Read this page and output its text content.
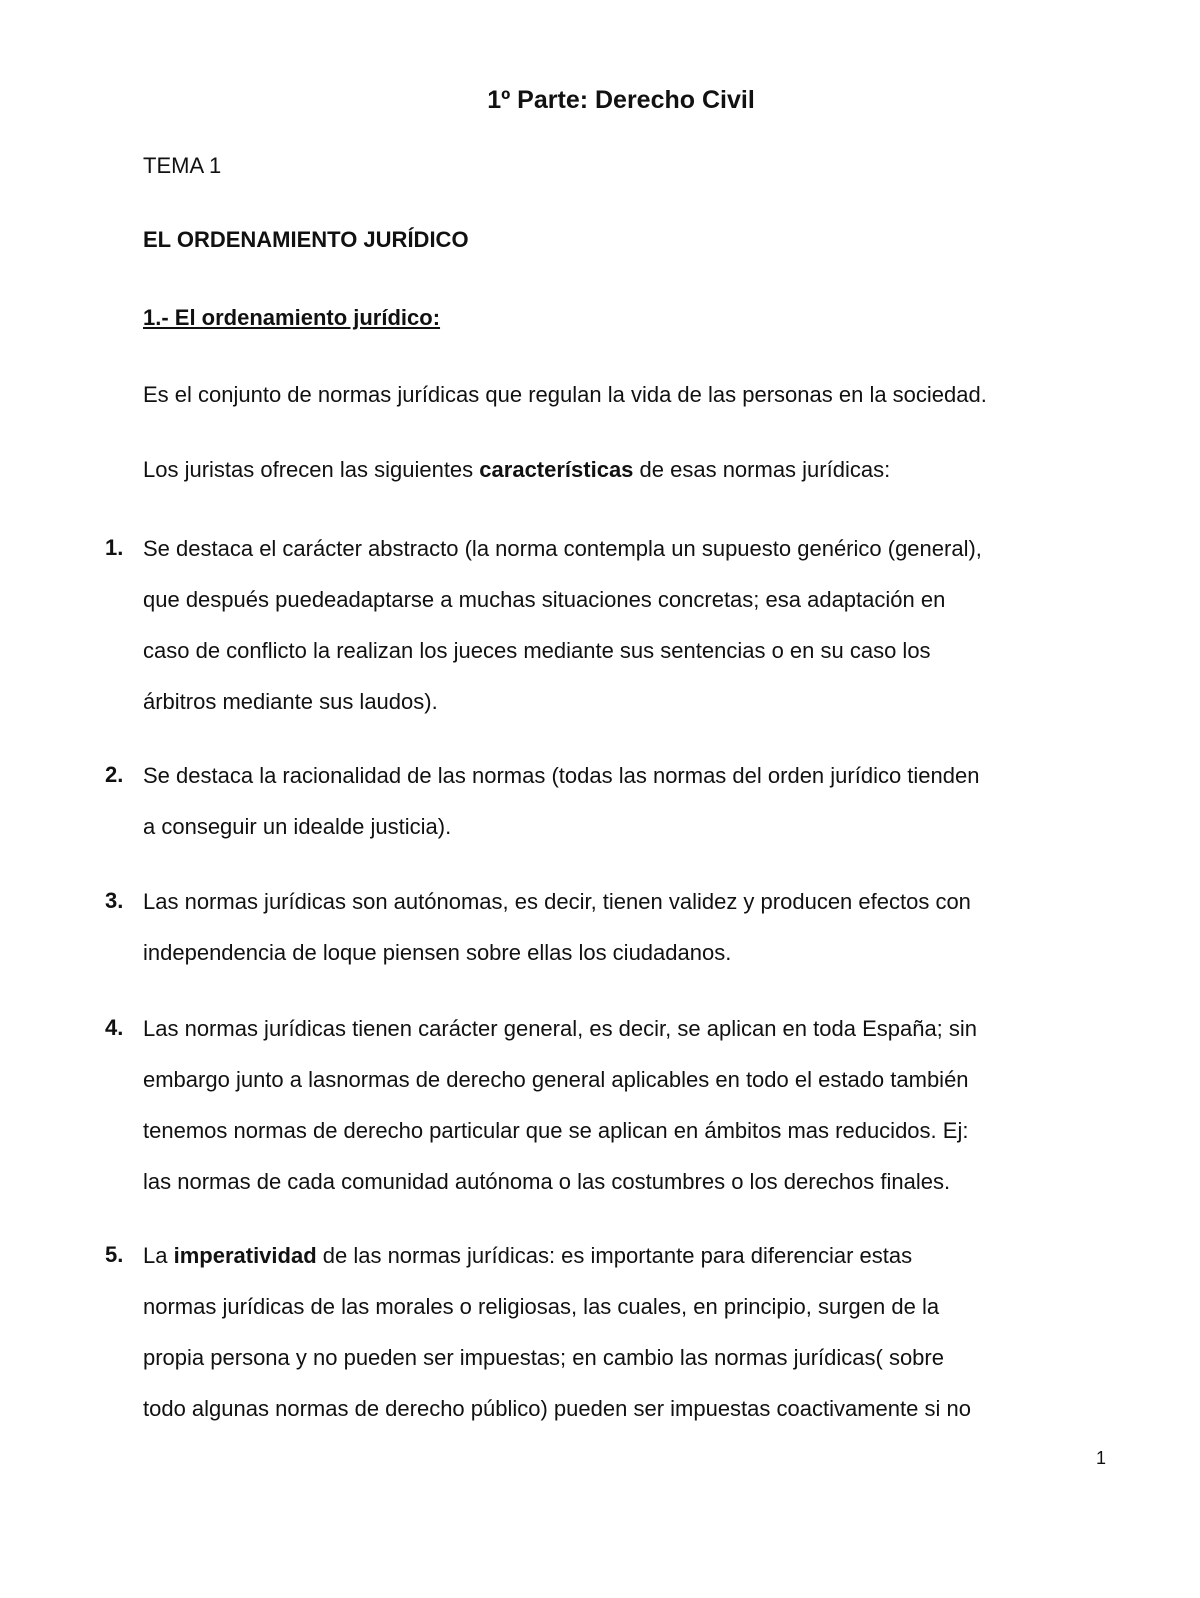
1º Parte: Derecho Civil

TEMA 1

EL ORDENAMIENTO JURÍDICO

1.- El ordenamiento jurídico:

Es el conjunto de normas jurídicas que regulan la vida de las personas en la sociedad.

Los juristas ofrecen las siguientes características de esas normas jurídicas:

1. Se destaca el carácter abstracto (la norma contempla un supuesto genérico (general),
que después puedeadaptarse a muchas situaciones concretas; esa adaptación en
caso de conflicto la realizan los jueces mediante sus sentencias o en su caso los
árbitros mediante sus laudos).

2. Se destaca la racionalidad de las normas (todas las normas del orden jurídico tienden
a conseguir un idealde justicia).

3. Las normas jurídicas son autónomas, es decir, tienen validez y producen efectos con
independencia de loque piensen sobre ellas los ciudadanos.

4. Las normas jurídicas tienen carácter general, es decir, se aplican en toda España; sin
embargo junto a lasnormas de derecho general aplicables en todo el estado también
tenemos normas de derecho particular que se aplican en ámbitos mas reducidos. Ej:
las normas de cada comunidad autónoma o las costumbres o los derechos finales.

5. La imperatividad de las normas jurídicas: es importante para diferenciar estas
normas jurídicas de las morales o religiosas, las cuales, en principio, surgen de la
propia persona y no pueden ser impuestas; en cambio las normas jurídicas( sobre
todo algunas normas de derecho público) pueden ser impuestas coactivamente si no

1
